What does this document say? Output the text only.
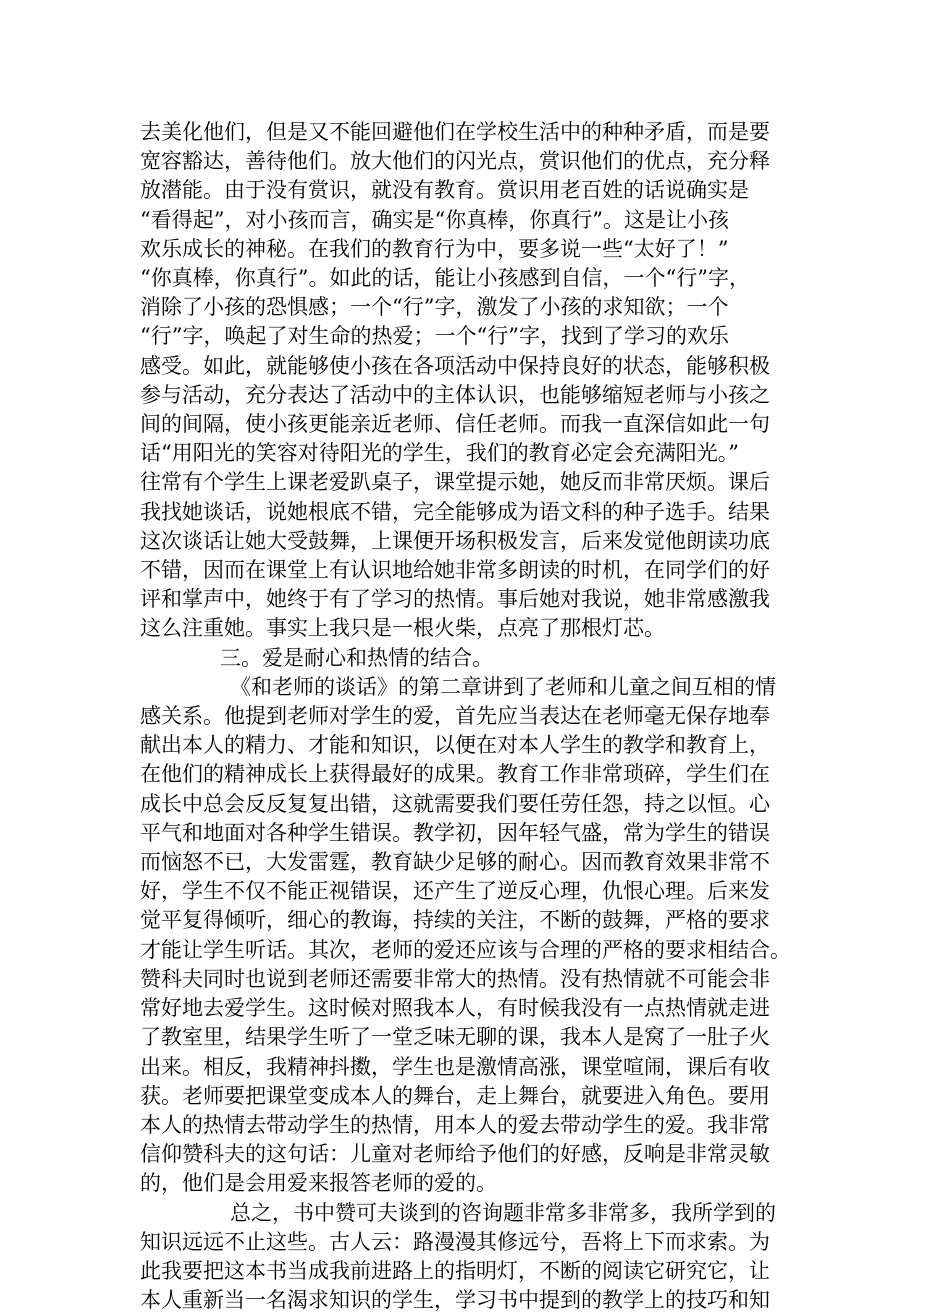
去美化他们，但是又不能回避他们在学校生活中的种种矛盾，而是要
宽容豁达，善待他们。放大他们的闪光点，赏识他们的优点，充分释
放潜能。由于没有赏识，就没有教育。赏识用老百姓的话说确实是
“看得起”，对小孩而言，确实是“你真棒，你真行”。这是让小孩
欢乐成长的神秘。在我们的教育行为中，要多说一些“太好了！”
“你真棒，你真行”。如此的话，能让小孩感到自信，一个“行”字，
消除了小孩的恐惧感；一个“行”字，激发了小孩的求知欲；一个
“行”字，唤起了对生命的热爱；一个“行”字，找到了学习的欢乐
感受。如此，就能够使小孩在各项活动中保持良好的状态，能够积极
参与活动，充分表达了活动中的主体认识，也能够缩短老师与小孩之
间的间隔，使小孩更能亲近老师、信任老师。而我一直深信如此一句
话“用阳光的笑容对待阳光的学生，我们的教育必定会充满阳光。”
往常有个学生上课老爱趴桌子，课堂提示她，她反而非常厌烦。课后
我找她谈话，说她根底不错，完全能够成为语文科的种子选手。结果
这次谈话让她大受鼓舞，上课便开场积极发言，后来发觉他朗读功底
不错，因而在课堂上有认识地给她非常多朗读的时机，在同学们的好
评和掌声中，她终于有了学习的热情。事后她对我说，她非常感激我
这么注重她。事实上我只是一根火柴，点亮了那根灯芯。
三。爱是耐心和热情的结合。
《和老师的谈话》的第二章讲到了老师和儿童之间互相的情
感关系。他提到老师对学生的爱，首先应当表达在老师毫无保存地奉
献出本人的精力、才能和知识，以便在对本人学生的教学和教育上，
在他们的精神成长上获得最好的成果。教育工作非常琐碎，学生们在
成长中总会反反复复出错，这就需要我们要任劳任怨，持之以恒。心
平气和地面对各种学生错误。教学初，因年轻气盛，常为学生的错误
而恼怒不已，大发雷霆，教育缺少足够的耐心。因而教育效果非常不
好，学生不仅不能正视错误，还产生了逆反心理，仇恨心理。后来发
觉平复得倾听，细心的教诲，持续的关注，不断的鼓舞，严格的要求
才能让学生听话。其次，老师的爱还应该与合理的严格的要求相结合。
赞科夫同时也说到老师还需要非常大的热情。没有热情就不可能会非
常好地去爱学生。这时候对照我本人，有时候我没有一点热情就走进
了教室里，结果学生听了一堂乏味无聊的课，我本人是窝了一肚子火
出来。相反，我精神抖擞，学生也是激情高涨，课堂喧闹，课后有收
获。老师要把课堂变成本人的舞台，走上舞台，就要进入角色。要用
本人的热情去带动学生的热情，用本人的爱去带动学生的爱。我非常
信仰赞科夫的这句话：儿童对老师给予他们的好感，反响是非常灵敏
的，他们是会用爱来报答老师的爱的。
总之，书中赞可夫谈到的咨询题非常多非常多，我所学到的
知识远远不止这些。古人云：路漫漫其修远兮，吾将上下而求索。为
此我要把这本书当成我前进路上的指明灯，不断的阅读它研究它，让
本人重新当一名渴求知识的学生，学习书中提到的教学上的技巧和知
